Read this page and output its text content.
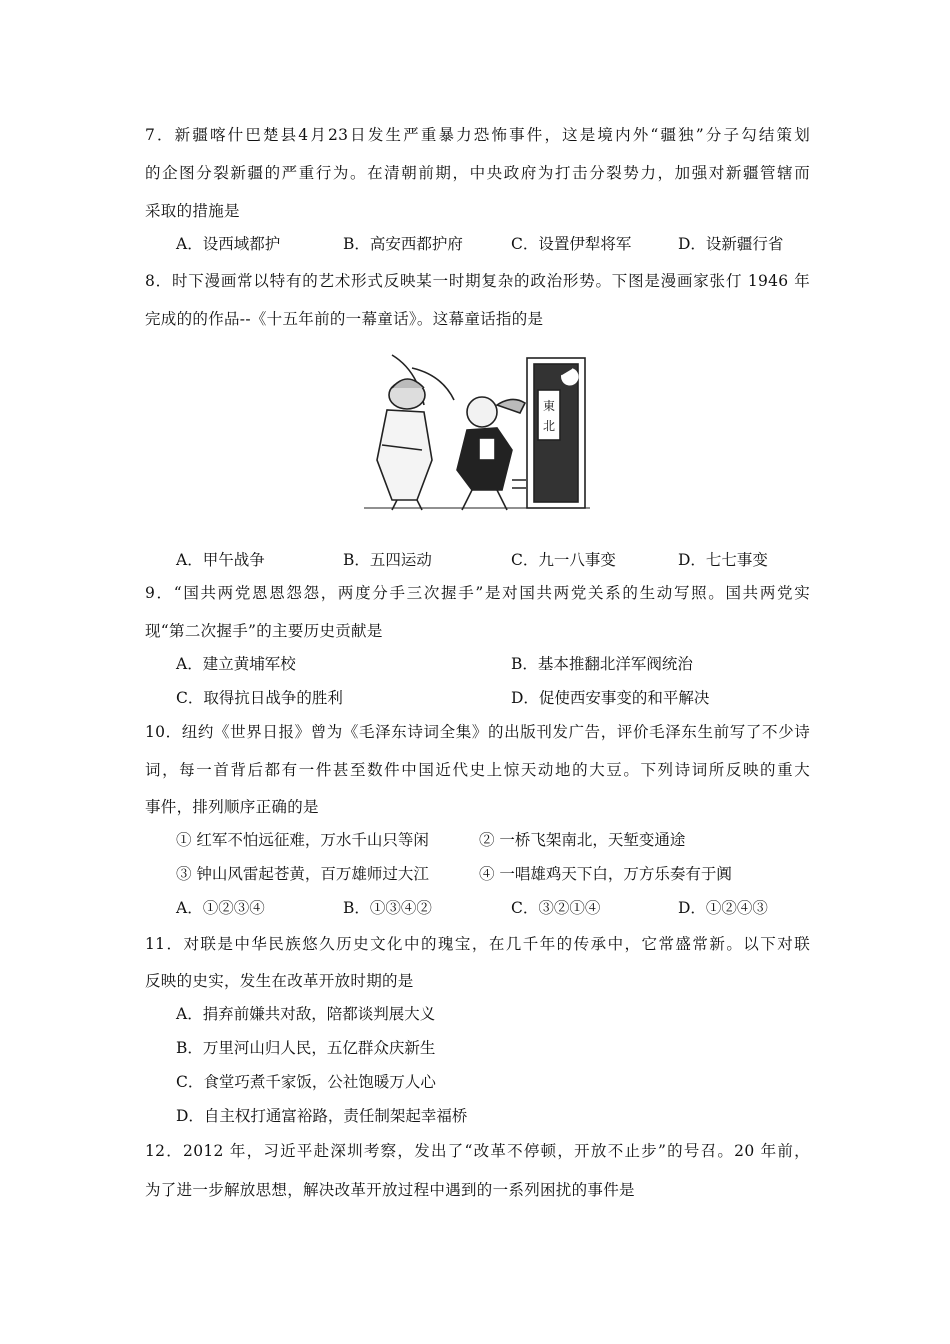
7．新疆喀什巴楚县4月23日发生严重暴力恐怖事件，这是境内外“疆独”分子勾结策划
的企图分裂新疆的严重行为。在清朝前期，中央政府为打击分裂势力，加强对新疆管辖而
采取的措施是
A．设西域都护	B．高安西都护府	C．设置伊犁将军	D．设新疆行省
8．时下漫画常以特有的艺术形式反映某一时期复杂的政治形势。下图是漫画家张仃 1946 年
完成的的作品--《十五年前的一幕童话》。这幕童话指的是
東
北
A．甲午战争	B．五四运动	C．九一八事变	D．七七事变
9．“国共两党恩恩怨怨，两度分手三次握手”是对国共两党关系的生动写照。国共两党实
现“第二次握手”的主要历史贡献是
A．建立黄埔军校	B．基本推翻北洋军阀统治
C．取得抗日战争的胜利	D．促使西安事变的和平解决
10．纽约《世界日报》曾为《毛泽东诗词全集》的出版刊发广告，评价毛泽东生前写了不少诗
词，每一首背后都有一件甚至数件中国近代史上惊天动地的大豆。下列诗词所反映的重大
事件，排列顺序正确的是
① 红军不怕远征难，万水千山只等闲	② 一桥飞架南北，天堑变通途
③ 钟山风雷起苍黄，百万雄师过大江	④ 一唱雄鸡天下白，万方乐奏有于阗
A．①②③④	B．①③④②	C．③②①④	D．①②④③
11．对联是中华民族悠久历史文化中的瑰宝，在几千年的传承中，它常盛常新。以下对联
反映的史实，发生在改革开放时期的是
A．捐弃前嫌共对敌，陪都谈判展大义
B．万里河山归人民，五亿群众庆新生
C．食堂巧煮千家饭，公社饱暖万人心
D．自主权打通富裕路，责任制架起幸福桥
12．2012 年，习近平赴深圳考察，发出了“改革不停顿，开放不止步”的号召。20 年前，
为了进一步解放思想，解决改革开放过程中遇到的一系列困扰的事件是
